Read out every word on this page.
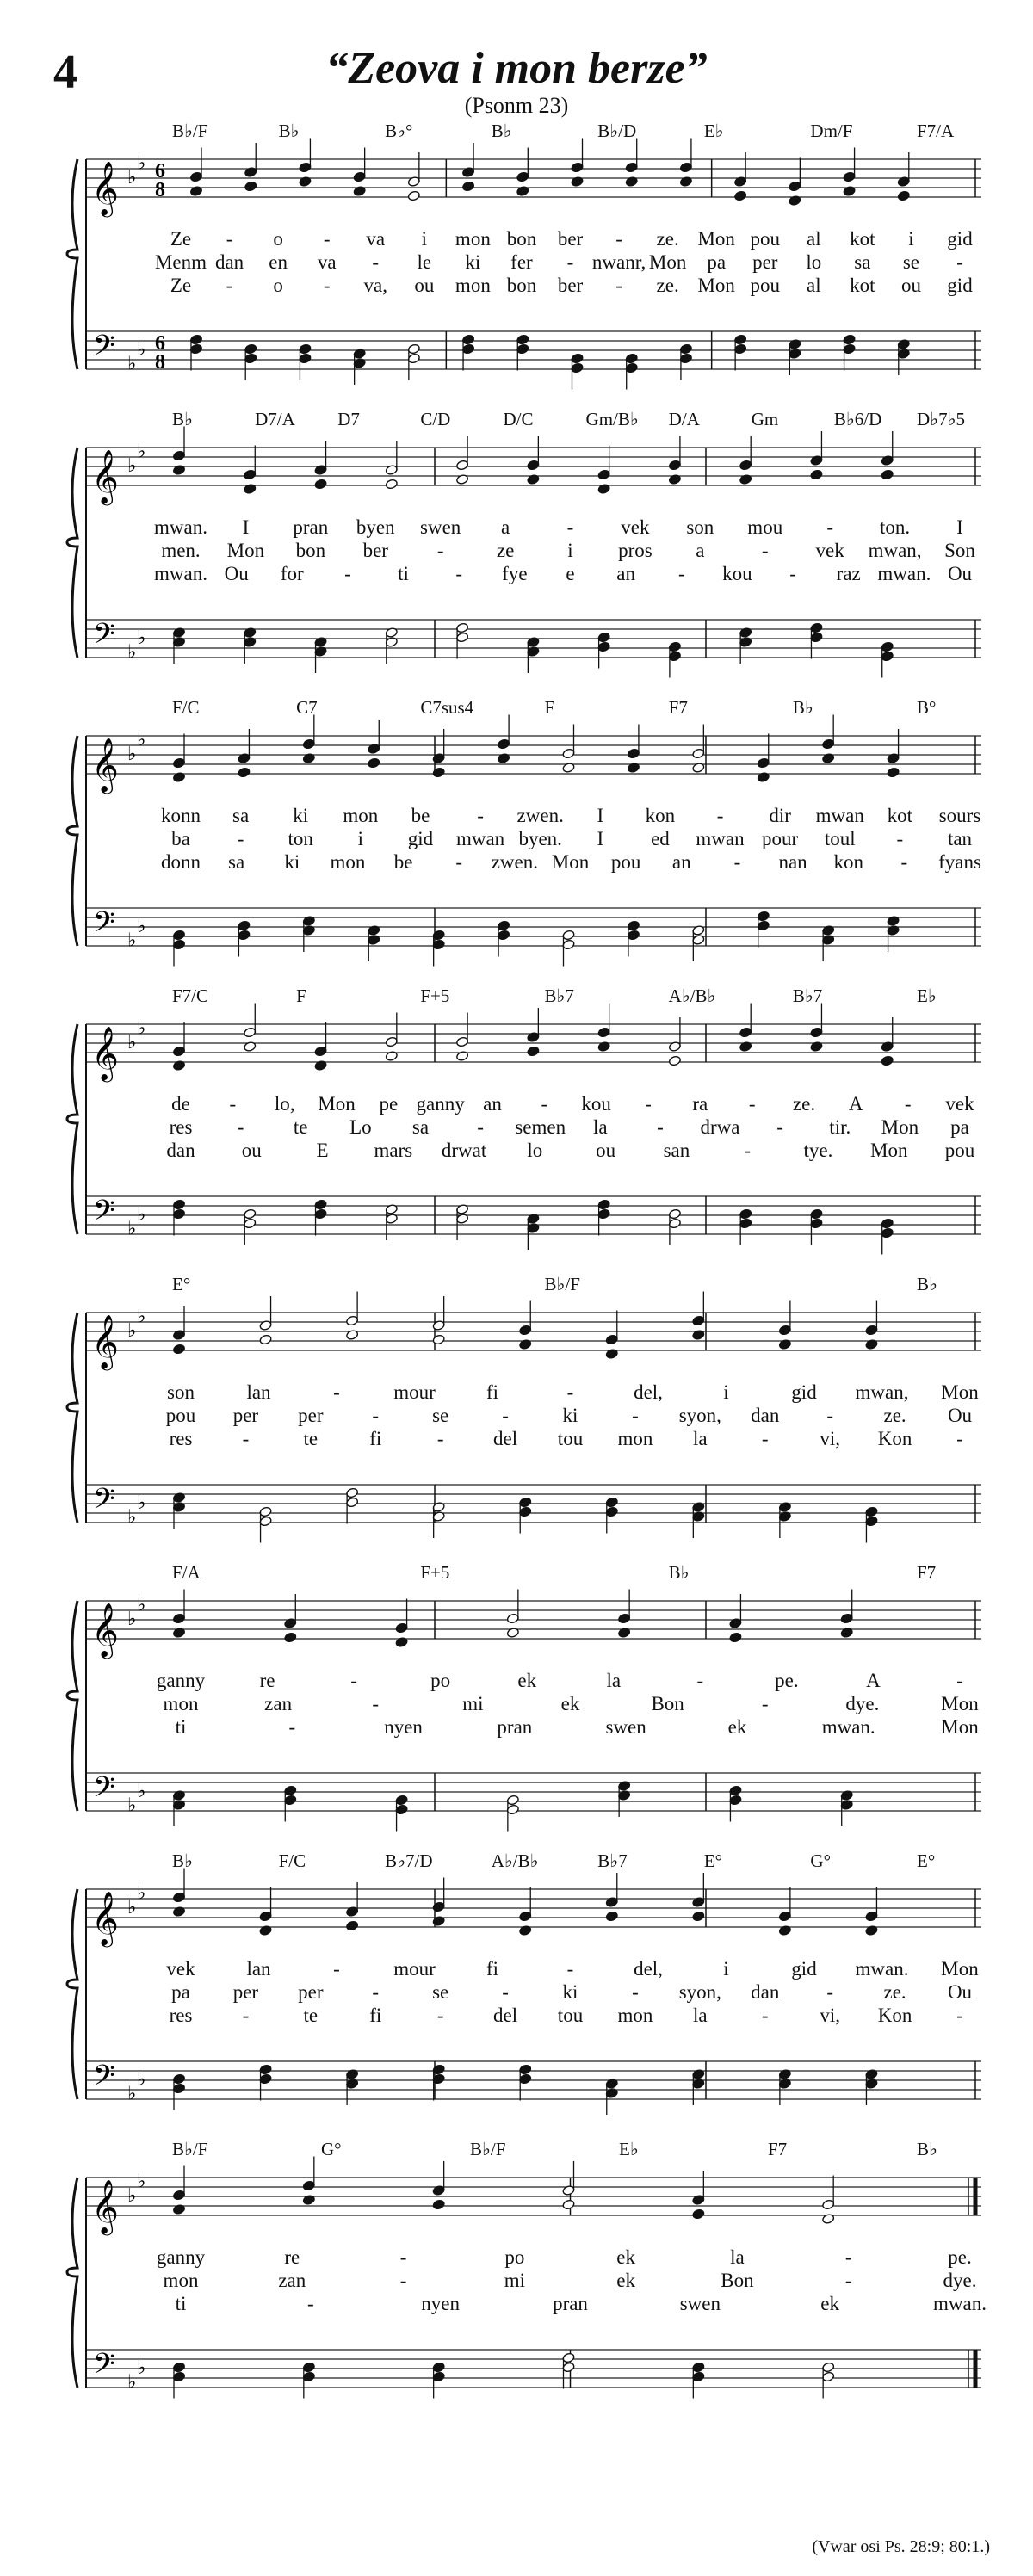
4	“Zeova i mon berze”
(Psonm 23)
B♭/F	B♭	B♭°	B♭	B♭/D	E♭	Dm/F	F7/A
𝄞
𝄢
♭
♭
♭
♭
6
8
6
8
Ze - o - va i mon bon ber - ze. Mon pou al kot i gid
Menm dan en va - le ki fer - nwanr, Mon pa per lo sa se -
Ze - o - va, ou mon bon ber - ze. Mon pou al kot ou gid
B♭	D7/A D7	C/D	D/C	Gm/B♭ D/A	Gm	B♭6/D D♭7♭5
𝄞
𝄢
♭
♭
♭
♭
mwan. I pran byen swen a	- vek son mou - ton. I
men. Mon bon ber -	ze	i pros a	- vek mwan, Son
mwan. Ou for - ti - fye e an - kou - raz mwan. Ou
F/C	C7	C7sus4	F	F7	B♭	B°
𝄞
𝄢
♭
♭
♭
♭
konn sa ki mon be - zwen. I kon - dir mwan kot sours
ba - ton i gid mwan byen. I ed mwan pour toul - tan
donn sa ki mon be - zwen. Mon pou an - nan kon - fyans
F7/C	F	F+5	B♭7	A♭/B♭	B♭7	E♭
𝄞
𝄢
♭
♭
♭
♭
de - lo, Mon pe ganny an - kou - ra - ze. A - vek
res - te Lo sa - semen la - drwa - tir. Mon pa
dan ou	E mars drwat lo	ou san	-	tye. Mon pou
E°	B♭/F	B♭
𝄞
𝄢
♭
♭
♭
♭
son	lan	-	mour	fi	-	del,	i	gid mwan, Mon
pou per per -	se	-	ki	- syon, dan -	ze. Ou
res	-	te	fi	-	del tou mon la	-	vi, Kon -
F/A	F+5	B♭	F7
𝄞
𝄢
♭
♭
♭
♭
ganny	re	-	po	ek	la	-	pe.	A	-
mon	zan	-	mi	ek	Bon	-	dye.	Mon
ti	-	nyen	pran	swen	ek	mwan.	Mon
B♭	F/C	B♭7/D	A♭/B♭	B♭7	E°	G°	E°
𝄞
𝄢
♭
♭
♭
♭
vek	lan	-	mour	fi	-	del,	i	gid mwan. Mon
pa per per -	se	-	ki	- syon, dan -	ze. Ou
res	-	te	fi	-	del tou mon la	-	vi, Kon -
B♭/F	G°	B♭/F	E♭	F7	B♭
𝄞
𝄢
♭
♭
♭
♭
ganny	re	-	po	ek	la	-	pe.
mon	zan	-	mi	ek	Bon	-	dye.
ti	-	nyen	pran	swen	ek	mwan.
(Vwar osi Ps. 28:9; 80:1.)
